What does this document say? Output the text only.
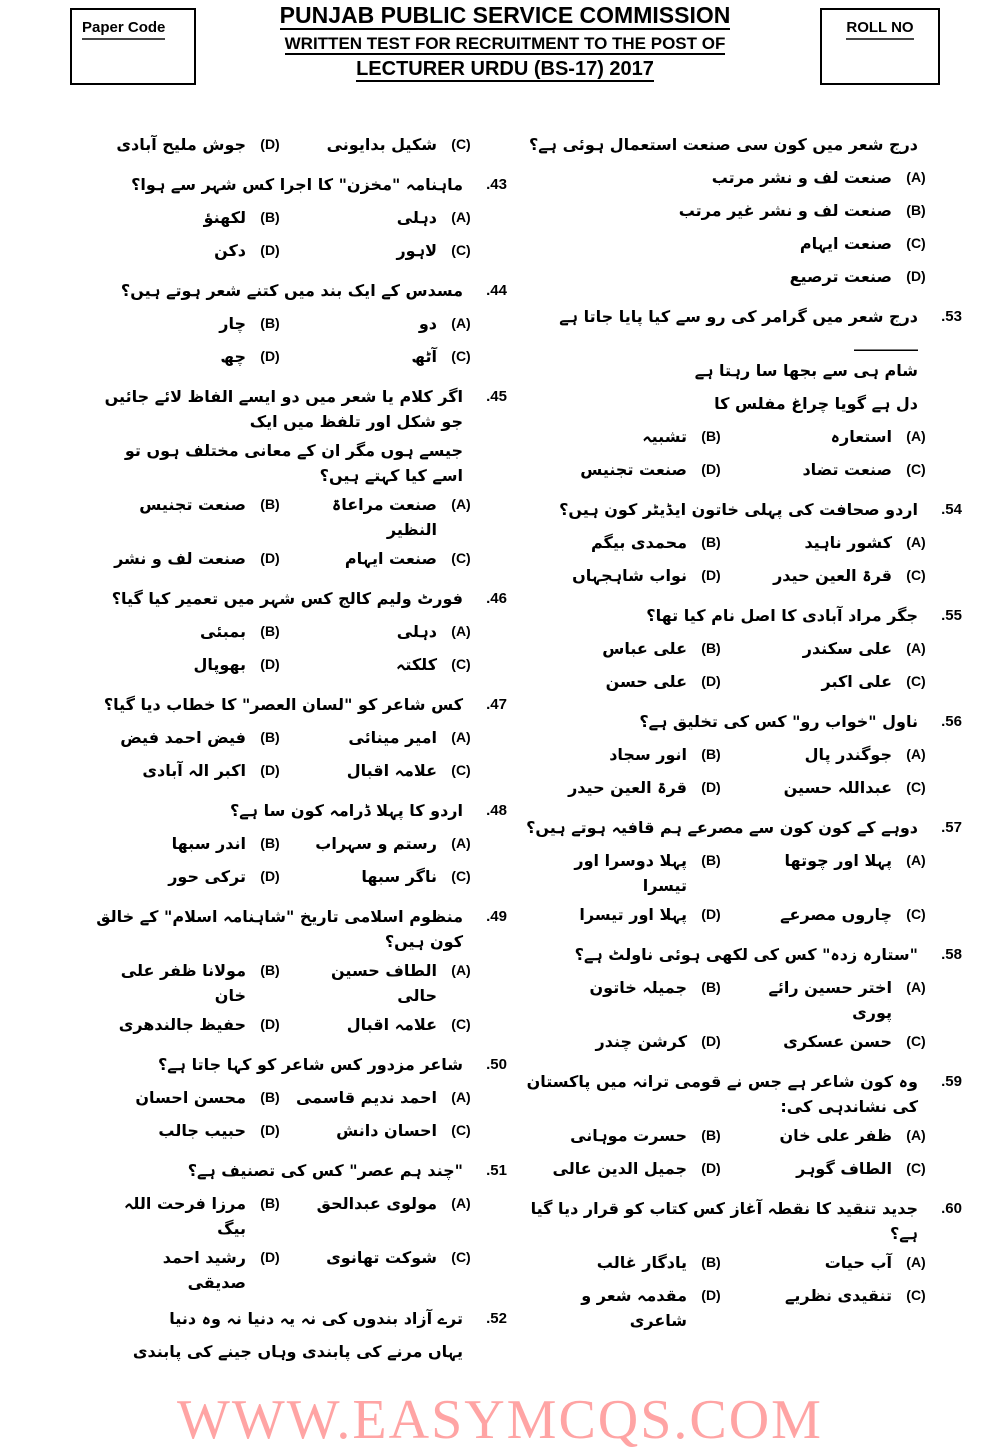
Paper Code	ROLL NO
PUNJAB PUBLIC SERVICE COMMISSION
WRITTEN TEST FOR RECRUITMENT TO THE POST OF
LECTURER URDU (BS-17) 2017
(C)
شکیل بدایونی
(D)
جوش ملیح آبادی
.43
ماہنامہ "مخزن" کا اجرا کس شہر سے ہوا؟
(A)
دہلی
(B)
لکھنؤ
(C)
لاہور
(D)
دکن
.44
مسدس کے ایک بند میں کتنے شعر ہوتے ہیں؟
(A)
دو
(B)
چار
(C)
آٹھ
(D)
چھ
.45
اگر کلام یا شعر میں دو ایسے الفاظ لائے جائیں جو شکل اور تلفظ میں ایک
جیسے ہوں مگر ان کے معانی مختلف ہوں تو اسے کیا کہتے ہیں؟
(A)
صنعت مراعاۃ النظیر
(B)
صنعت تجنیس
(C)
صنعت ایہام
(D)
صنعت لف و نشر
.46
فورٹ ولیم کالج کس شہر میں تعمیر کیا گیا؟
(A)
دہلی
(B)
بمبئی
(C)
کلکتہ
(D)
بھوپال
.47
کس شاعر کو "لسان العصر" کا خطاب دیا گیا؟
(A)
امیر مینائی
(B)
فیض احمد فیض
(C)
علامہ اقبال
(D)
اکبر الہ آبادی
.48
اردو کا پہلا ڈرامہ کون سا ہے؟
(A)
رستم و سہراب
(B)
اندر سبھا
(C)
ناگر سبھا
(D)
ترکی حور
.49
منظوم اسلامی تاریخ "شاہنامہ اسلام" کے خالق کون ہیں؟
(A)
الطاف حسین حالی
(B)
مولانا ظفر علی خان
(C)
علامہ اقبال
(D)
حفیظ جالندھری
.50
شاعر مزدور کس شاعر کو کہا جاتا ہے؟
(A)
احمد ندیم قاسمی
(B)
محسن احسان
(C)
احسان دانش
(D)
حبیب جالب
.51
"چند ہم عصر" کس کی تصنیف ہے؟
(A)
مولوی عبدالحق
(B)
مرزا فرحت اللہ بیگ
(C)
شوکت تھانوی
(D)
رشید احمد صدیقی
.52
ترے آزاد بندوں کی نہ یہ دنیا نہ وہ دنیا
یہاں مرنے کی پابندی وہاں جینے کی پابندی
درج شعر میں کون سی صنعت استعمال ہوئی ہے؟
(A)
صنعت لف و نشر مرتب
(B)
صنعت لف و نشر غیر مرتب
(C)
صنعت ایہام
(D)
صنعت ترصیع
.53
درج شعر میں گرامر کی رو سے کیا پایا جاتا ہے ________
شام ہی سے بجھا سا رہتا ہے
دل ہے گویا چراغ مفلس کا
(A)
استعارہ
(B)
تشبیہ
(C)
صنعت تضاد
(D)
صنعت تجنیس
.54
اردو صحافت کی پہلی خاتون ایڈیٹر کون ہیں؟
(A)
کشور ناہید
(B)
محمدی بیگم
(C)
قرۃ العین حیدر
(D)
نواب شاہجہاں
.55
جگر مراد آبادی کا اصل نام کیا تھا؟
(A)
علی سکندر
(B)
علی عباس
(C)
علی اکبر
(D)
علی حسن
.56
ناول "خواب رو" کس کی تخلیق ہے؟
(A)
جوگندر پال
(B)
انور سجاد
(C)
عبداللہ حسین
(D)
قرۃ العین حیدر
.57
دوہے کے کون کون سے مصرعے ہم قافیہ ہوتے ہیں؟
(A)
پہلا اور چوتھا
(B)
پہلا دوسرا اور تیسرا
(C)
چاروں مصرعے
(D)
پہلا اور تیسرا
.58
"ستارہ زدہ" کس کی لکھی ہوئی ناولٹ ہے؟
(A)
اختر حسین رائے پوری
(B)
جمیلہ خاتون
(C)
حسن عسکری
(D)
کرشن چندر
.59
وہ کون شاعر ہے جس نے قومی ترانہ میں پاکستان کی نشاندہی کی:
(A)
ظفر علی خان
(B)
حسرت موہانی
(C)
الطاف گوہر
(D)
جمیل الدین عالی
.60
جدید تنقید کا نقطہ آغاز کس کتاب کو قرار دیا گیا ہے؟
(A)
آب حیات
(B)
یادگار غالب
(C)
تنقیدی نظریے
(D)
مقدمہ شعر و شاعری
WWW.EASYMCQS.COM
